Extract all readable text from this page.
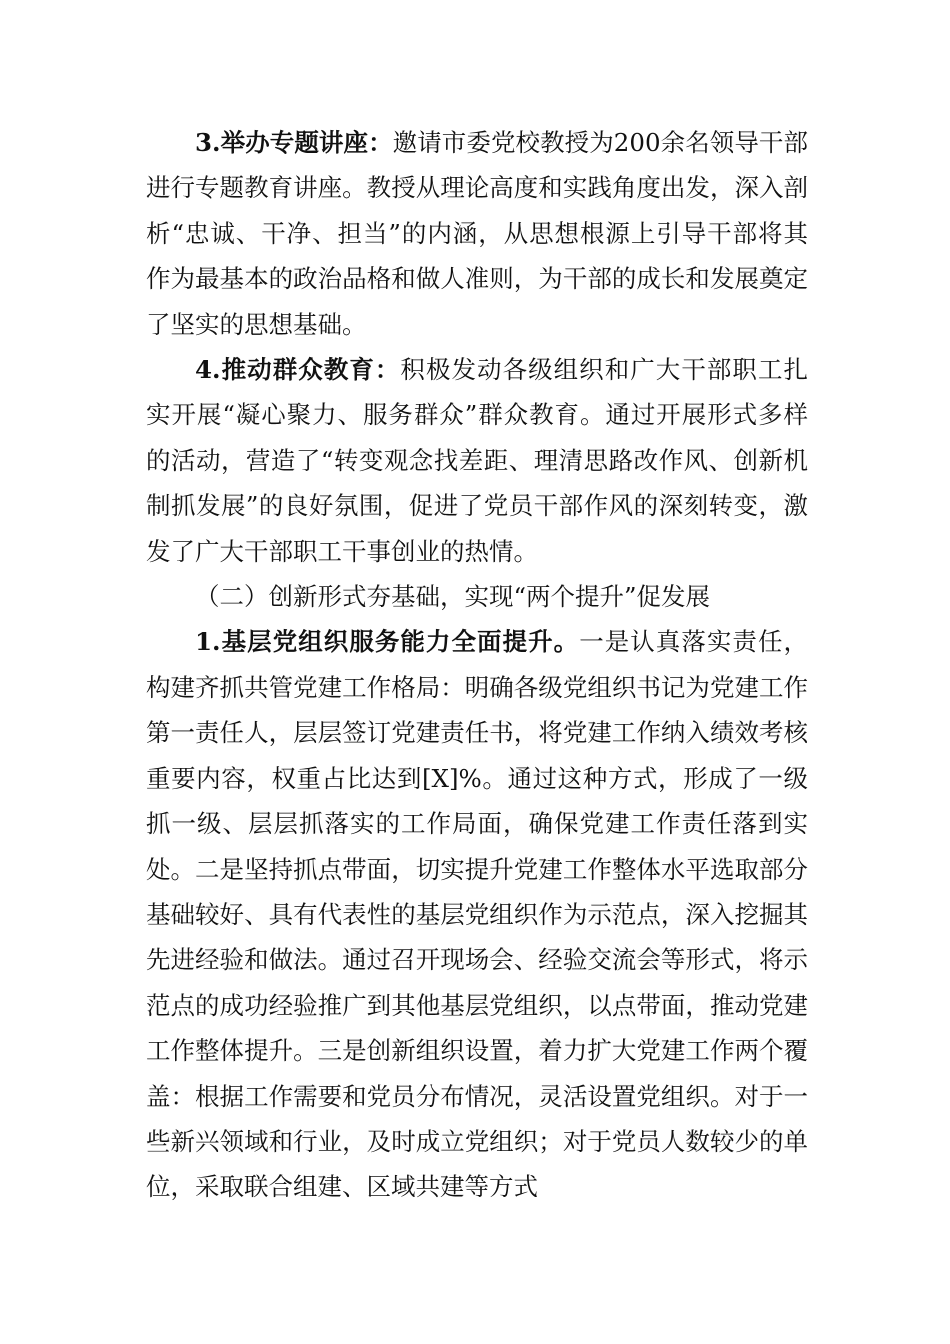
3.举办专题讲座：邀请市委党校教授为200余名领导干部进行专题教育讲座。教授从理论高度和实践角度出发，深入剖析“忠诚、干净、担当”的内涵，从思想根源上引导干部将其作为最基本的政治品格和做人准则，为干部的成长和发展奠定了坚实的思想基础。

4.推动群众教育：积极发动各级组织和广大干部职工扎实开展“凝心聚力、服务群众”群众教育。通过开展形式多样的活动，营造了“转变观念找差距、理清思路改作风、创新机制抓发展”的良好氛围，促进了党员干部作风的深刻转变，激发了广大干部职工干事创业的热情。

（二）创新形式夯基础，实现“两个提升”促发展

1.基层党组织服务能力全面提升。一是认真落实责任，构建齐抓共管党建工作格局：明确各级党组织书记为党建工作第一责任人，层层签订党建责任书，将党建工作纳入绩效考核重要内容，权重占比达到[X]%。通过这种方式，形成了一级抓一级、层层抓落实的工作局面，确保党建工作责任落到实处。二是坚持抓点带面，切实提升党建工作整体水平选取部分基础较好、具有代表性的基层党组织作为示范点，深入挖掘其先进经验和做法。通过召开现场会、经验交流会等形式，将示范点的成功经验推广到其他基层党组织，以点带面，推动党建工作整体提升。三是创新组织设置，着力扩大党建工作两个覆盖：根据工作需要和党员分布情况，灵活设置党组织。对于一些新兴领域和行业，及时成立党组织；对于党员人数较少的单位，采取联合组建、区域共建等方式
